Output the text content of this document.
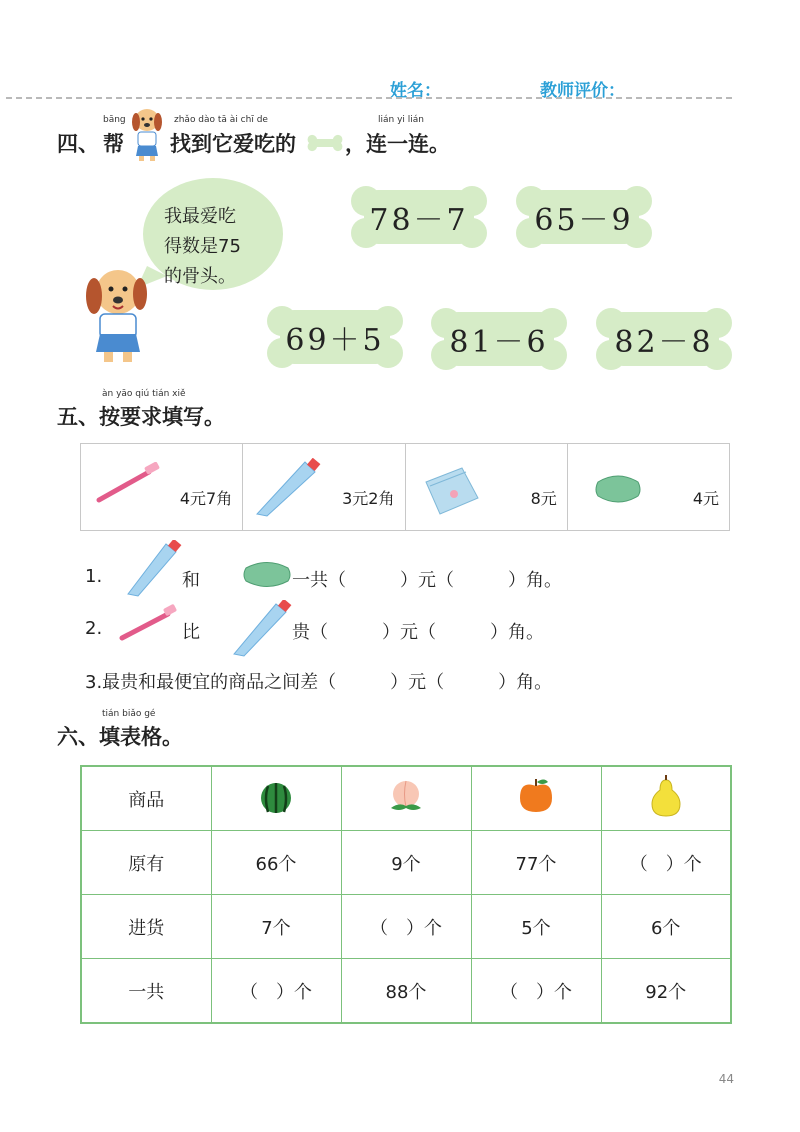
姓名：	教师评价：
bāng	zhǎo dào tā ài chī de	lián yi lián
四、 帮 找到它爱吃的 ，连一连。
我最爱吃
得数是75
的骨头。
78－7	65－9
69＋5	81－6	82－8
àn yāo qiú tián xiě
五、按要求填写。
4元7角	3元2角	8元	4元
1.	和	一共（　　　）元（　　　）角。
2.	比	贵（　　　）元（　　　）角。
3.最贵和最便宜的商品之间差（　　　）元（　　　）角。
tián biǎo gé
六、填表格。
商品				
原有	66个	9个	77个	（　）个
进货	7个	（　）个	5个	6个
一共	（　）个	88个	（　）个	92个
44
